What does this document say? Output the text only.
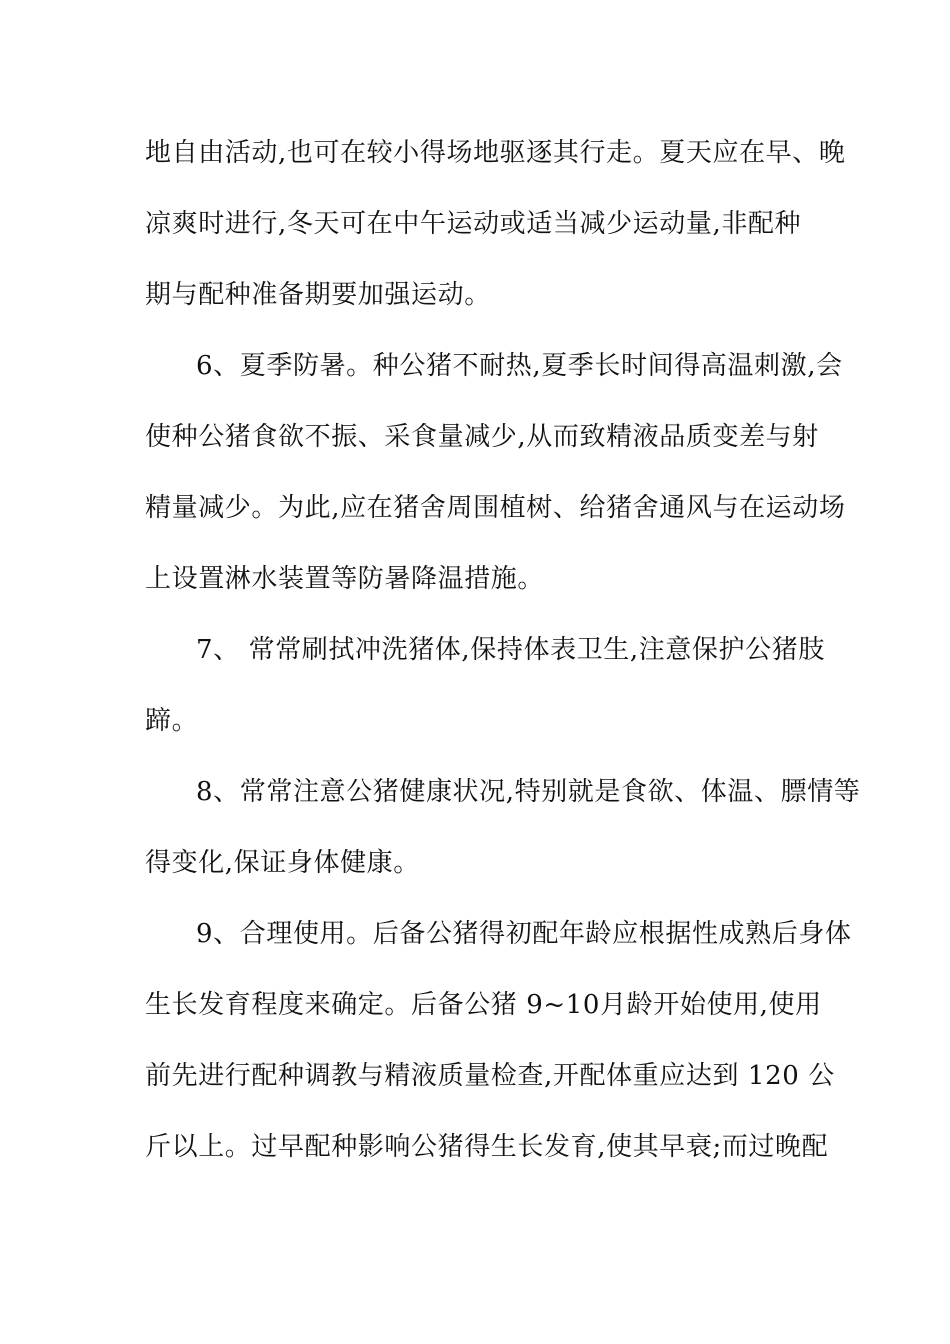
地自由活动,也可在较小得场地驱逐其行走。夏天应在早、晚
凉爽时进行,冬天可在中午运动或适当减少运动量,非配种
期与配种准备期要加强运动。
6、夏季防暑。种公猪不耐热,夏季长时间得高温刺激,会
使种公猪食欲不振、采食量减少,从而致精液品质变差与射
精量减少。为此,应在猪舍周围植树、给猪舍通风与在运动场
上设置淋水装置等防暑降温措施。
7、 常常刷拭冲洗猪体,保持体表卫生,注意保护公猪肢
蹄。
8、常常注意公猪健康状况,特别就是食欲、体温、膘情等
得变化,保证身体健康。
9、合理使用。后备公猪得初配年龄应根据性成熟后身体
生长发育程度来确定。后备公猪 9~10月龄开始使用,使用
前先进行配种调教与精液质量检查,开配体重应达到 120 公
斤以上。过早配种影响公猪得生长发育,使其早衰;而过晚配
